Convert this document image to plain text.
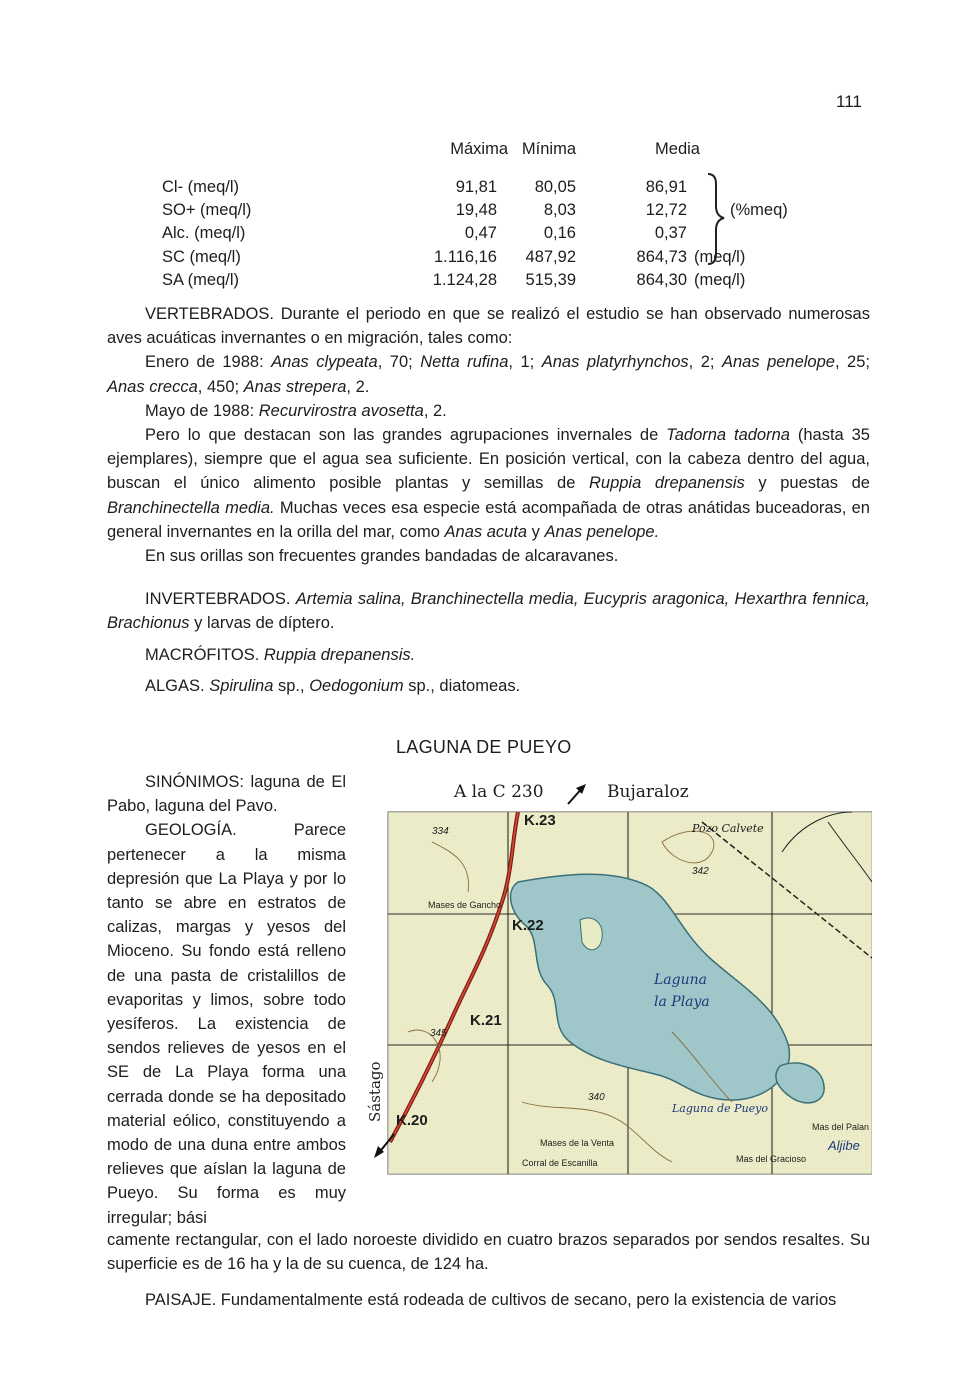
111
Máxima Mínima	Media
Cl- (meq/l)	91,81	80,05	86,91
SO+ (meq/l)	19,48	8,03	12,72	(%meq)
Alc. (meq/l)	0,47	0,16	0,37
SC (meq/l)	1.116,16	487,92	864,73 (meq/l)
SA (meq/l)	1.124,28	515,39	864,30 (meq/l)

VERTEBRADOS. Durante el periodo en que se realizó el estudio se han observado numerosas aves acuáticas invernantes o en migración, tales como:

Enero de 1988: Anas clypeata, 70; Netta rufina, 1; Anas platyrhynchos, 2; Anas penelope, 25; Anas crecca, 450; Anas strepera, 2.

Mayo de 1988: Recurvirostra avosetta, 2.

Pero lo que destacan son las grandes agrupaciones invernales de Tadorna tadorna (hasta 35 ejemplares), siempre que el agua sea suficiente. En posición vertical, con la cabeza dentro del agua, buscan el único alimento posible plantas y semillas de Ruppia drepanensis y puestas de Branchinectella media. Muchas veces esa especie está acompañada de otras anátidas buceadoras, en general invernantes en la orilla del mar, como Anas acuta y Anas penelope.

En sus orillas son frecuentes grandes bandadas de alcaravanes.

INVERTEBRADOS. Artemia salina, Branchinectella media, Eucypris aragonica, Hexarthra fennica, Brachionus y larvas de díptero.

MACRÓFITOS. Ruppia drepanensis.

ALGAS. Spirulina sp., Oedogonium sp., diatomeas.

LAGUNA DE PUEYO

SINÓNIMOS: laguna de El Pabo, laguna del Pavo.

GEOLOGÍA. Parece pertenecer a la misma depresión que La Playa y por lo tanto se abre en estratos de calizas, margas y yesos del Mioceno. Su fondo está relleno de una pasta de cristalillos de evaporitas y limos, sobre todo yesíferos. La existencia de sendos relieves de yesos en el SE de La Playa forma una cerrada donde se ha depositado material eólico, constituyendo a modo de una duna entre ambos relieves que aíslan la laguna de Pueyo. Su forma es muy irregular; bási

camente rectangular, con el lado noroeste dividido en cuatro brazos separados por sendos resaltes. Su superficie es de 16 ha y la de su cuenca, de 124 ha.

PAISAJE. Fundamentalmente está rodeada de cultivos de secano, pero la existencia de varios

A la C 230	Bujaraloz
K.23
K.22
K.21
K.20
Pozo Calvete
Laguna
la Playa
Laguna de Pueyo
Aljibe
Mases de Gancho
Corral de Escanilla
Mases de la Venta
Mas del Gracioso
Mas del Palan
334
340
345
342
Sástago
